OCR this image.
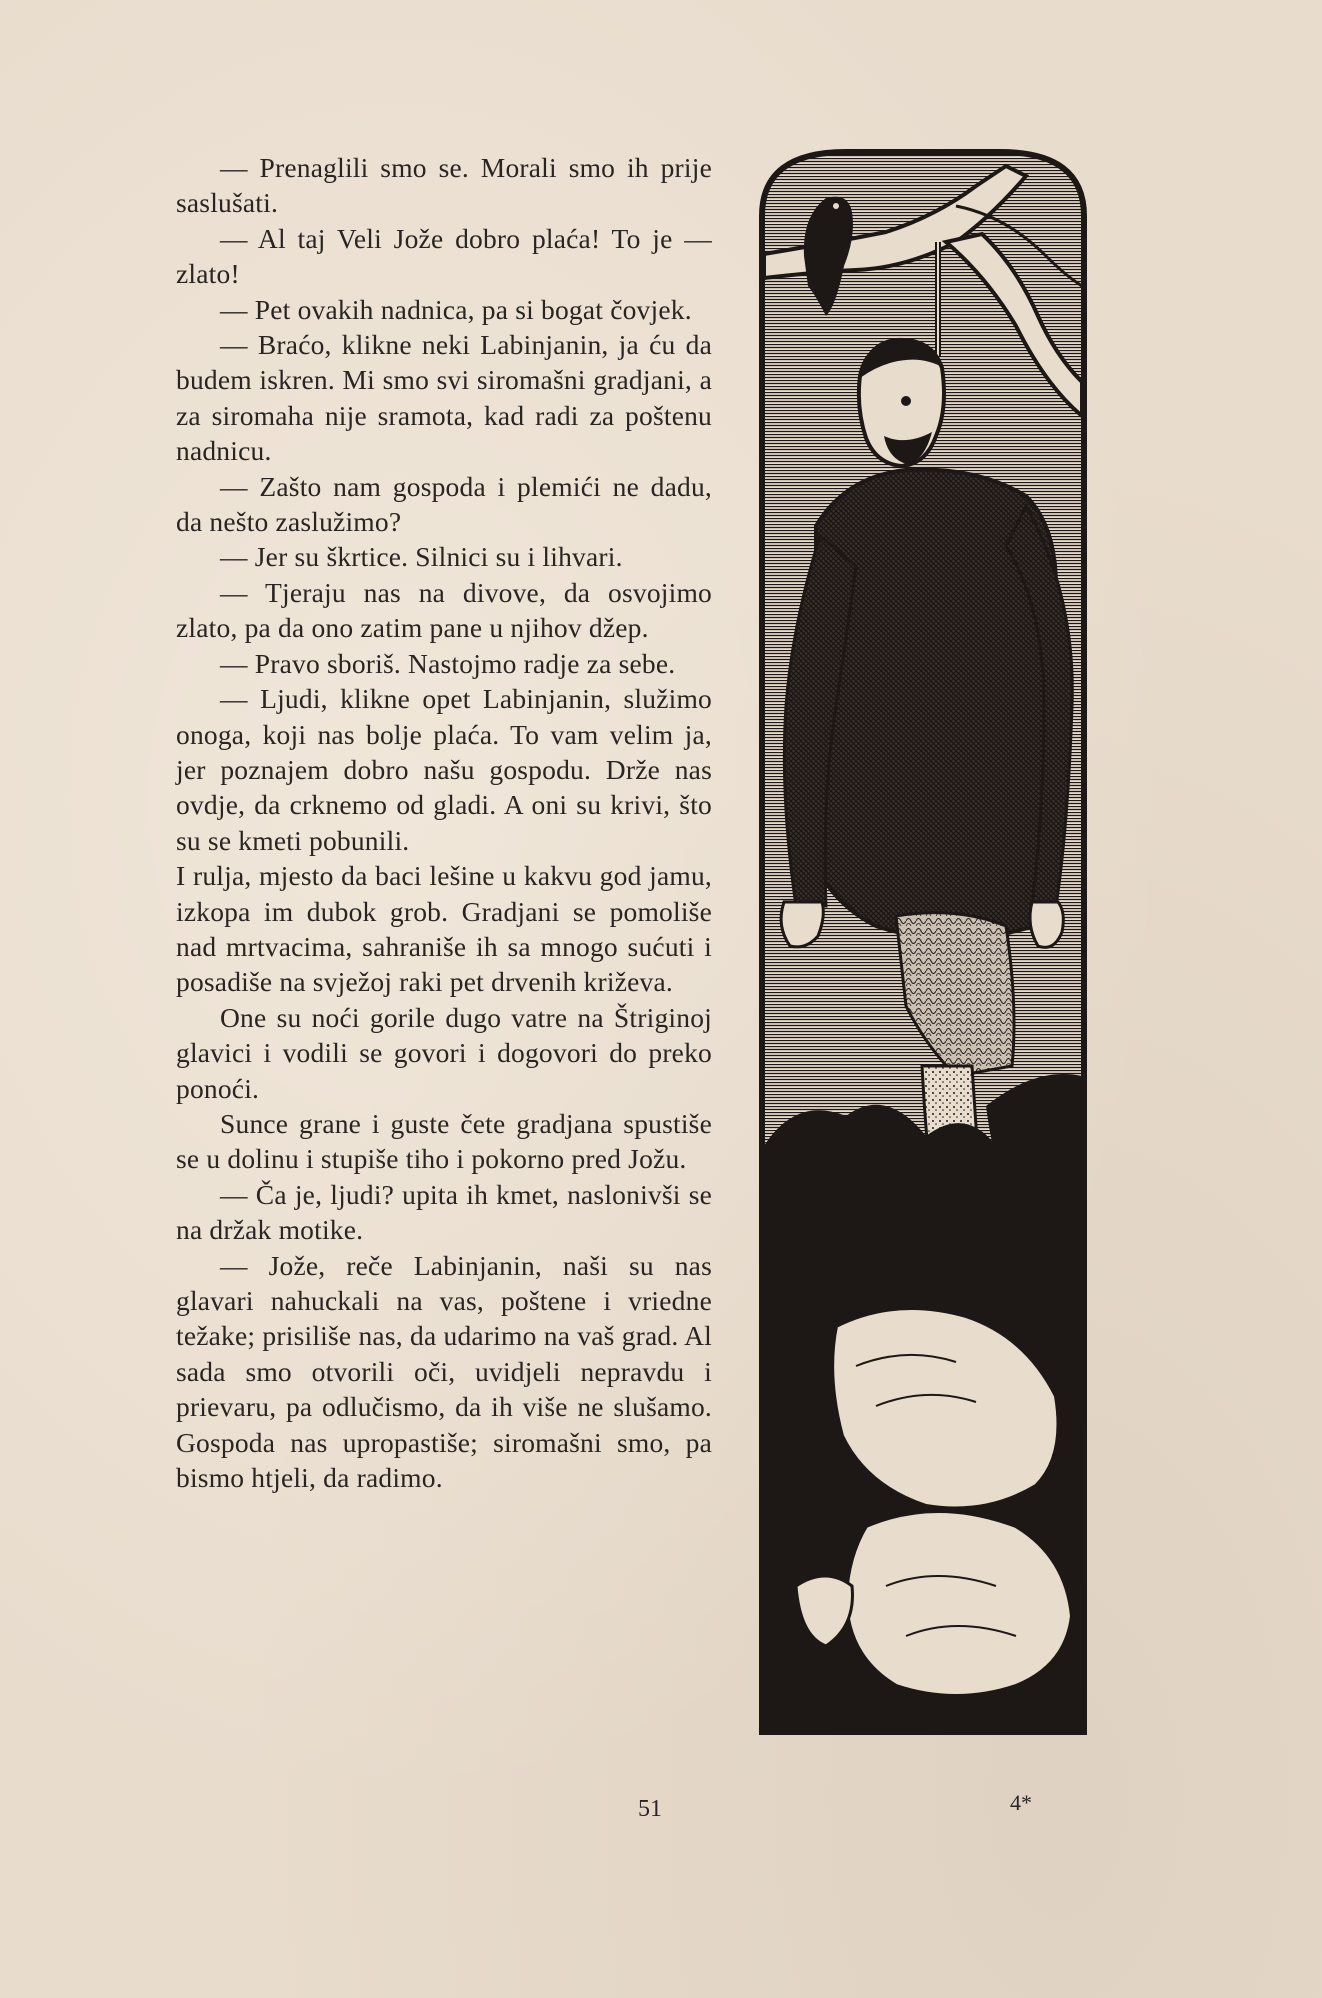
— Prenaglili smo se. Morali smo ih prije saslušati.

— Al taj Veli Jože dobro plaća! To je — zlato!

— Pet ovakih nadnica, pa si bogat čovjek.

— Braćo, klikne neki Labinjanin, ja ću da budem iskren. Mi smo svi siromašni gradjani, a za siromaha nije sramota, kad radi za poštenu nadnicu.

— Zašto nam gospoda i plemići ne dadu, da nešto zaslužimo?

— Jer su škrtice. Silnici su i lihvari.

— Tjeraju nas na divove, da osvojimo zlato, pa da ono zatim pane u njihov džep.

— Pravo sboriš. Nastojmo radje za sebe.

— Ljudi, klikne opet Labinjanin, služimo onoga, koji nas bolje plaća. To vam velim ja, jer poznajem dobro našu gospodu. Drže nas ovdje, da crknemo od gladi. A oni su krivi, što su se kmeti pobunili.

I rulja, mjesto da baci lešine u kakvu god jamu, izkopa im dubok grob. Gradjani se pomoliše nad mrtvacima, sahraniše ih sa mnogo sućuti i posadiše na svježoj raki pet drvenih križeva.

One su noći gorile dugo vatre na Štriginoj glavici i vodili se govori i dogovori do preko ponoći.

Sunce grane i guste čete gradjana spustiše se u dolinu i stupiše tiho i pokorno pred Jožu.

— Ča je, ljudi? upita ih kmet, naslonivši se na držak motike.

— Jože, reče Labinjanin, naši su nas glavari nahuckali na vas, poštene i vriedne težake; prisiliše nas, da udarimo na vaš grad. Al sada smo otvorili oči, uvidjeli nepravdu i prievaru, pa odlučismo, da ih više ne slušamo. Gospoda nas upropastiše; siromašni smo, pa bismo htjeli, da radimo.

51	4*
